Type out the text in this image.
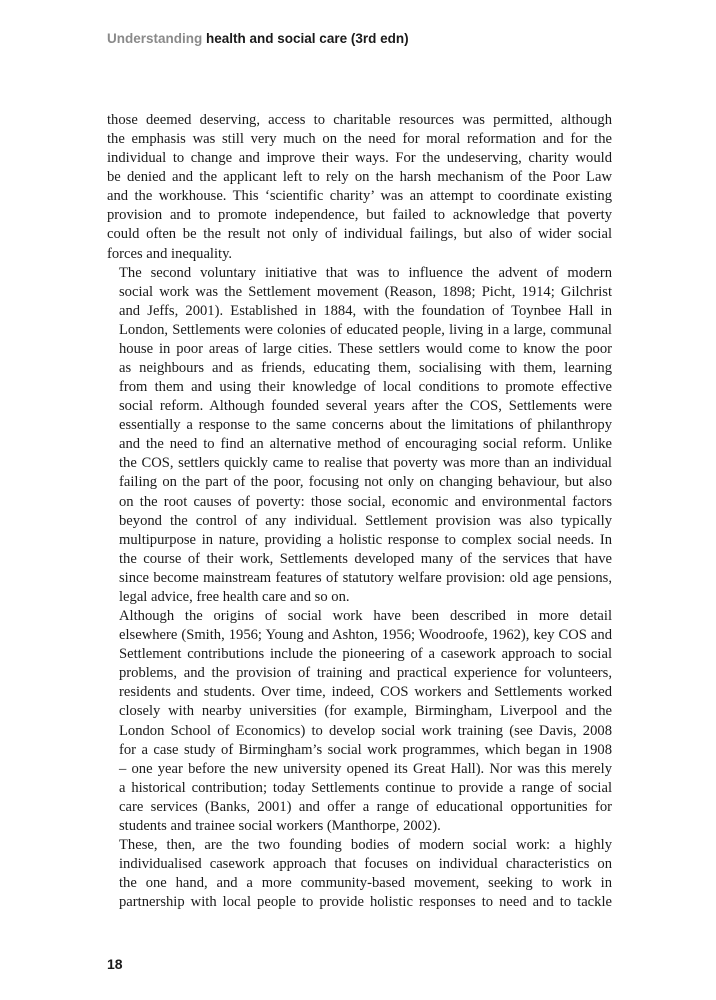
Understanding health and social care (3rd edn)

those deemed deserving, access to charitable resources was permitted, although
the emphasis was still very much on the need for moral reformation and for the
individual to change and improve their ways. For the undeserving, charity would
be denied and the applicant left to rely on the harsh mechanism of the Poor Law
and the workhouse. This ‘scientific charity’ was an attempt to coordinate existing
provision and to promote independence, but failed to acknowledge that poverty
could often be the result not only of individual failings, but also of wider social
forces and inequality.

The second voluntary initiative that was to influence the advent of modern
social work was the Settlement movement (Reason, 1898; Picht, 1914; Gilchrist
and Jeffs, 2001). Established in 1884, with the foundation of Toynbee Hall in
London, Settlements were colonies of educated people, living in a large, communal
house in poor areas of large cities. These settlers would come to know the poor
as neighbours and as friends, educating them, socialising with them, learning
from them and using their knowledge of local conditions to promote effective
social reform. Although founded several years after the COS, Settlements were
essentially a response to the same concerns about the limitations of philanthropy
and the need to find an alternative method of encouraging social reform. Unlike
the COS, settlers quickly came to realise that poverty was more than an individual
failing on the part of the poor, focusing not only on changing behaviour, but also
on the root causes of poverty: those social, economic and environmental factors
beyond the control of any individual. Settlement provision was also typically
multipurpose in nature, providing a holistic response to complex social needs. In
the course of their work, Settlements developed many of the services that have
since become mainstream features of statutory welfare provision: old age pensions,
legal advice, free health care and so on.

Although the origins of social work have been described in more detail
elsewhere (Smith, 1956; Young and Ashton, 1956; Woodroofe, 1962), key COS and
Settlement contributions include the pioneering of a casework approach to social
problems, and the provision of training and practical experience for volunteers,
residents and students. Over time, indeed, COS workers and Settlements worked
closely with nearby universities (for example, Birmingham, Liverpool and the
London School of Economics) to develop social work training (see Davis, 2008
for a case study of Birmingham’s social work programmes, which began in 1908
– one year before the new university opened its Great Hall). Nor was this merely
a historical contribution; today Settlements continue to provide a range of social
care services (Banks, 2001) and offer a range of educational opportunities for
students and trainee social workers (Manthorpe, 2002).

These, then, are the two founding bodies of modern social work: a highly
individualised casework approach that focuses on individual characteristics on
the one hand, and a more community-based movement, seeking to work in
partnership with local people to provide holistic responses to need and to tackle

18
